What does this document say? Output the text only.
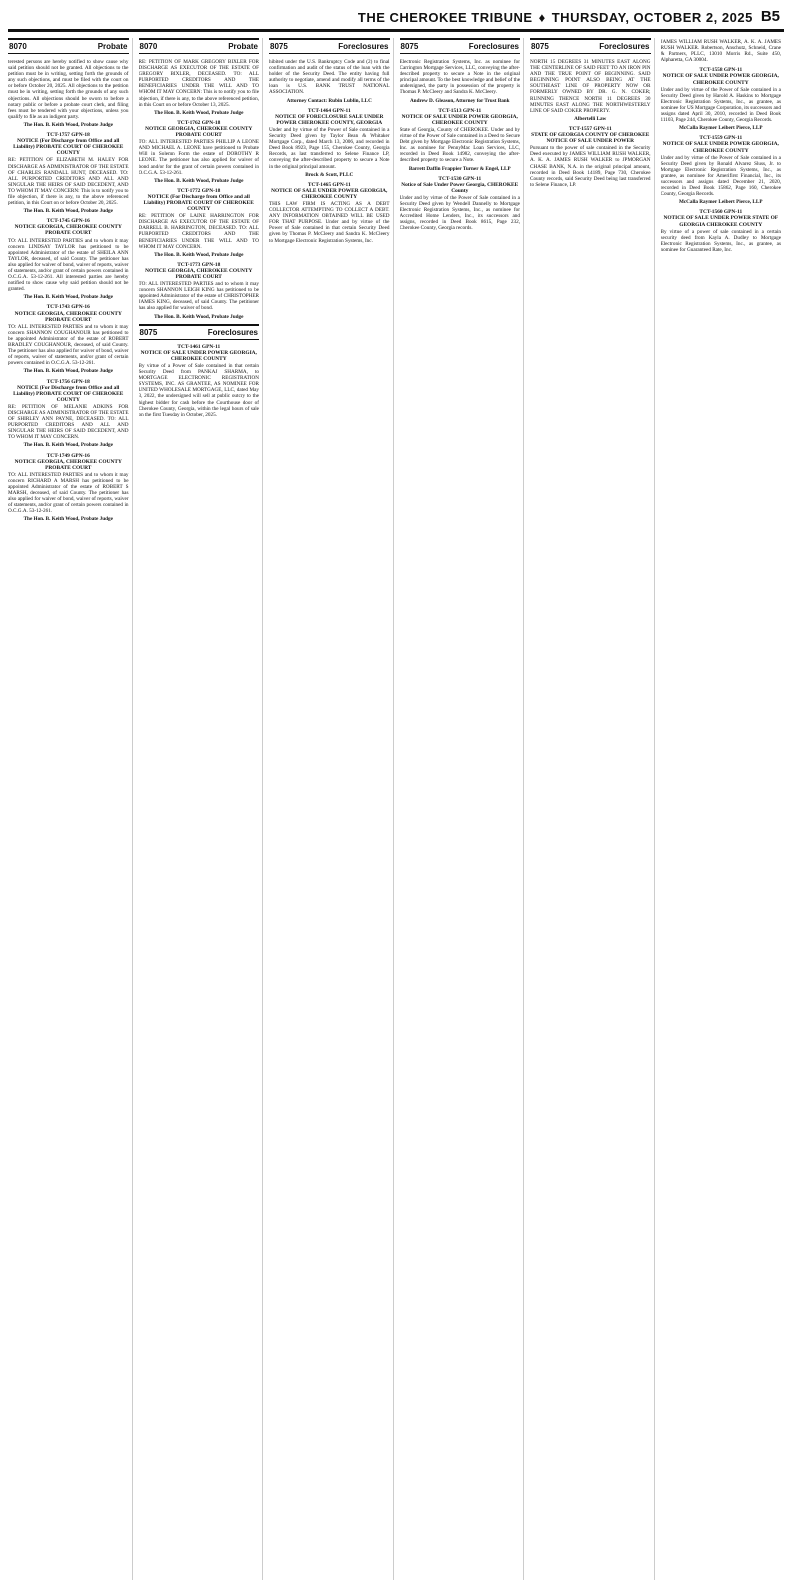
THE CHEROKEE TRIBUNE ♦ THURSDAY, OCTOBER 2, 2025 B5
8070	Probate
terested persons are hereby notified to show cause why said petition should not be granted. All objections to the petition must be in writing, setting forth the grounds of any such objections, and must be filed with the court on or before October 20, 2025. All objections to the petition must be in writing, setting forth the grounds of any such objections. All objections should be sworn to before a notary public or before a probate court clerk, and filing fees must be tendered with your objections, unless you qualify to file as an indigent party.
The Hon. B. Keith Wood, Probate Judge
TCT-1757 GPN-18
NOTICE (For Discharge from Office and all Liability) PROBATE COURT OF CHEROKEE COUNTY
RE: PETITION OF ELIZABETH M. HALEY FOR DISCHARGE AS ADMINISTRATOR OF THE ESTATE OF CHARLES RANDALL HUNT, DECEASED. TO: ALL PURPORTED CREDITORS AND ALL AND SINGULAR THE HEIRS OF SAID DECEDENT, AND TO WHOM IT MAY CONCERN: This is to notify you to file objection, if there is any, to the above referenced petition, in this Court on or before October 20, 2025.
The Hon. B. Keith Wood, Probate Judge
TCT-1745 GPN-16
NOTICE GEORGIA, CHEROKEE COUNTY PROBATE COURT
TO: ALL INTERESTED PARTIES and to whom it may concern LINDSAY TAYLOR has petitioned to be appointed Administrator of the estate of SHEILA ANN TAYLOR, deceased, of said County. The petitioner has also applied for waiver of bond, waiver of reports, waiver of statements, and/or grant of certain powers contained in O.C.G.A. 53-12-261. All interested parties are hereby notified to show cause why said petition should not be granted.
The Hon. B. Keith Wood, Probate Judge
TCT-1743 GPN-16
NOTICE GEORGIA, CHEROKEE COUNTY PROBATE COURT
TO: ALL INTERESTED PARTIES and to whom it may concern SHANNON COUGHANOUR has petitioned to be appointed Administrator of the estate of ROBERT BRADLEY COUGHANOUR, deceased, of said County. The petitioner has also applied for waiver of bond, waiver of reports, waiver of statements, and/or grant of certain powers contained in O.C.G.A. 53-12-261.
The Hon. B. Keith Wood, Probate Judge
TCT-1756 GPN-18
NOTICE (For Discharge from Office and all Liability) PROBATE COURT OF CHEROKEE COUNTY
RE: PETITION OF MELANIE ADKINS FOR DISCHARGE AS ADMINISTRATOR OF THE ESTATE OF SHIRLEY ANN PAYNE, DECEASED. TO: ALL PURPORTED CREDITORS AND ALL AND SINGULAR THE HEIRS OF SAID DECEDENT, AND TO WHOM IT MAY CONCERN.
The Hon. B. Keith Wood, Probate Judge
TCT-1749 GPN-16
NOTICE GEORGIA, CHEROKEE COUNTY PROBATE COURT
TO: ALL INTERESTED PARTIES and to whom it may concern RICHARD A MARSH has petitioned to be appointed Administrator of the estate of ROBERT S MARSH, deceased, of said County. The petitioner has also applied for waiver of bond, waiver of reports, waiver of statements, and/or grant of certain powers contained in O.C.G.A. 53-12-261.
The Hon. B. Keith Wood, Probate Judge
8070	Probate
RE: PETITION OF MARK GREGORY BIXLER FOR DISCHARGE AS EXECUTOR OF THE ESTATE OF GREGORY BIXLER, DECEASED. TO: ALL PURPORTED CREDITORS AND THE BENEFICIARIES UNDER THE WILL AND TO WHOM IT MAY CONCERN: This is to notify you to file objection, if there is any, to the above referenced petition, in this Court on or before October 13, 2025.
The Hon. B. Keith Wood, Probate Judge
TCT-1762 GPN-18
NOTICE GEORGIA, CHEROKEE COUNTY PROBATE COURT
TO: ALL INTERESTED PARTIES PHILLIP A LEONE AND MICHAEL A. LEONE have petitioned to Probate Will in Solemn Form the estate of DOROTHY R LEONE. The petitioner has also applied for waiver of bond and/or for the grant of certain powers contained in O.C.G.A. 53-12-261.
The Hon. B. Keith Wood, Probate Judge
TCT-1772 GPN-18
NOTICE (For Discharge from Office and all Liability) PROBATE COURT OF CHEROKEE COUNTY
RE: PETITION OF LAINE HARRINGTON FOR DISCHARGE AS EXECUTOR OF THE ESTATE OF DARRELL B. HARRINGTON, DECEASED. TO: ALL PURPORTED CREDITORS AND THE BENEFICIARIES UNDER THE WILL AND TO WHOM IT MAY CONCERN.
The Hon. B. Keith Wood, Probate Judge
TCT-1773 GPN-18
NOTICE GEORGIA, CHEROKEE COUNTY PROBATE COURT
TO: ALL INTERESTED PARTIES and to whom it may concern SHANNON LEIGH KING has petitioned to be appointed Administrator of the estate of CHRISTOPHER JAMES KING, deceased, of said County. The petitioner has also applied for waiver of bond.
The Hon. B. Keith Wood, Probate Judge
8075	Foreclosures
TCT-1461 GPN-11
NOTICE OF SALE UNDER POWER GEORGIA, CHEROKEE COUNTY
By virtue of a Power of Sale contained in that certain Security Deed from PANKAJ SHARMA, to MORTGAGE ELECTRONIC REGISTRATION SYSTEMS, INC. AS GRANTEE, AS NOMINEE FOR UNITED WHOLESALE MORTGAGE, LLC, dated May 3, 2022, the undersigned will sell at public outcry to the highest bidder for cash before the Courthouse door of Cherokee County, Georgia, within the legal hours of sale on the first Tuesday in October, 2025.
8075	Foreclosures
hibited under the U.S. Bankruptcy Code and (2) to final confirmation and audit of the status of the loan with the holder of the Security Deed. The entity having full authority to negotiate, amend and modify all terms of the loan is U.S. BANK TRUST NATIONAL ASSOCIATION.
Attorney Contact: Rubin Lublin, LLC
TCT-1464 GPN-11
NOTICE OF FORECLOSURE SALE UNDER POWER CHEROKEE COUNTY, GEORGIA
Under and by virtue of the Power of Sale contained in a Security Deed given by Taylor Bean & Whitaker Mortgage Corp., dated March 13, 2006, and recorded in Deed Book 8923, Page 155, Cherokee County, Georgia Records, as last transferred to Selene Finance LP, conveying the after-described property to secure a Note in the original principal amount.
Brock & Scott, PLLC
TCT-1465 GPN-11
NOTICE OF SALE UNDER POWER GEORGIA, CHEROKEE COUNTY
THIS LAW FIRM IS ACTING AS A DEBT COLLECTOR ATTEMPTING TO COLLECT A DEBT. ANY INFORMATION OBTAINED WILL BE USED FOR THAT PURPOSE. Under and by virtue of the Power of Sale contained in that certain Security Deed given by Thomas P. McCleery and Sandra K. McCleery to Mortgage Electronic Registration Systems, Inc.
8075	Foreclosures
Electronic Registration Systems, Inc. as nominee for Carrington Mortgage Services, LLC, conveying the after-described property to secure a Note in the original principal amount. To the best knowledge and belief of the undersigned, the party in possession of the property is Thomas P. McCleery and Sandra K. McCleery.
Andrew D. Gleason, Attorney for Trust Bank
TCT-1513 GPN-11
NOTICE OF SALE UNDER POWER GEORGIA, CHEROKEE COUNTY
State of Georgia, County of CHEROKEE. Under and by virtue of the Power of Sale contained in a Deed to Secure Debt given by Mortgage Electronic Registration Systems, Inc. as nominee for PennyMac Loan Services, LLC, recorded in Deed Book 14982, conveying the after-described property to secure a Note.
Barrett Daffin Frappier Turner & Engel, LLP
TCT-1530 GPN-11
Notice of Sale Under Power Georgia, CHEROKEE County
Under and by virtue of the Power of Sale contained in a Security Deed given by Wendell Dannelly to Mortgage Electronic Registration Systems, Inc., as nominee for Accredited Home Lenders, Inc., its successors and assigns, recorded in Deed Book 8615, Page 232, Cherokee County, Georgia records.
8075	Foreclosures
NORTH 15 DEGREES 31 MINUTES EAST ALONG THE CENTERLINE OF SAID FEET TO AN IRON PIN AND THE TRUE POINT OF BEGINNING. SAID BEGINNING POINT ALSO BEING AT THE SOUTHEAST LINE OF PROPERTY NOW OR FORMERLY OWNED BY DR. G. N. COKER; RUNNING THENCE NORTH 11 DEGREES 30 MINUTES EAST ALONG THE NORTHWESTERLY LINE OF SAID COKER PROPERTY.
Albertelli Law
TCT-1557 GPN-11
STATE OF GEORGIA COUNTY OF CHEROKEE NOTICE OF SALE UNDER POWER
Pursuant to the power of sale contained in the Security Deed executed by JAMES WILLIAM RUSH WALKER, A. K. A. JAMES RUSH WALKER to JPMORGAN CHASE BANK, N.A. in the original principal amount, recorded in Deed Book 14189, Page 730, Cherokee County records, said Security Deed being last transferred to Selene Finance, LP.
JAMES WILLIAM RUSH WALKER, A. K. A. JAMES RUSH WALKER. Robertson, Anschutz, Schneid, Crane & Partners, PLLC, 13010 Morris Rd., Suite 450, Alpharetta, GA 30004.
TCT-1558 GPN-11
NOTICE OF SALE UNDER POWER GEORGIA, CHEROKEE COUNTY
Under and by virtue of the Power of Sale contained in a Security Deed given by Harold A. Haskins to Mortgage Electronic Registration Systems, Inc., as grantee, as nominee for US Mortgage Corporation, its successors and assigns dated April 30, 2010, recorded in Deed Book 11103, Page 244, Cherokee County, Georgia Records.
McCalla Raymer Leibert Pierce, LLP
TCT-1559 GPN-11
NOTICE OF SALE UNDER POWER GEORGIA, CHEROKEE COUNTY
Under and by virtue of the Power of Sale contained in a Security Deed given by Ronald Alvarez Sluss, Jr. to Mortgage Electronic Registration Systems, Inc., as grantee, as nominee for Amerifirst Financial, Inc., its successors and assigns dated December 21, 2020, recorded in Deed Book 15862, Page 160, Cherokee County, Georgia Records.
McCalla Raymer Leibert Pierce, LLP
TCT-1560 GPN-11
NOTICE OF SALE UNDER POWER STATE OF GEORGIA CHEROKEE COUNTY
By virtue of a power of sale contained in a certain security deed from Kayla A. Dudley to Mortgage Electronic Registration Systems, Inc., as grantee, as nominee for Guaranteed Rate, Inc.
